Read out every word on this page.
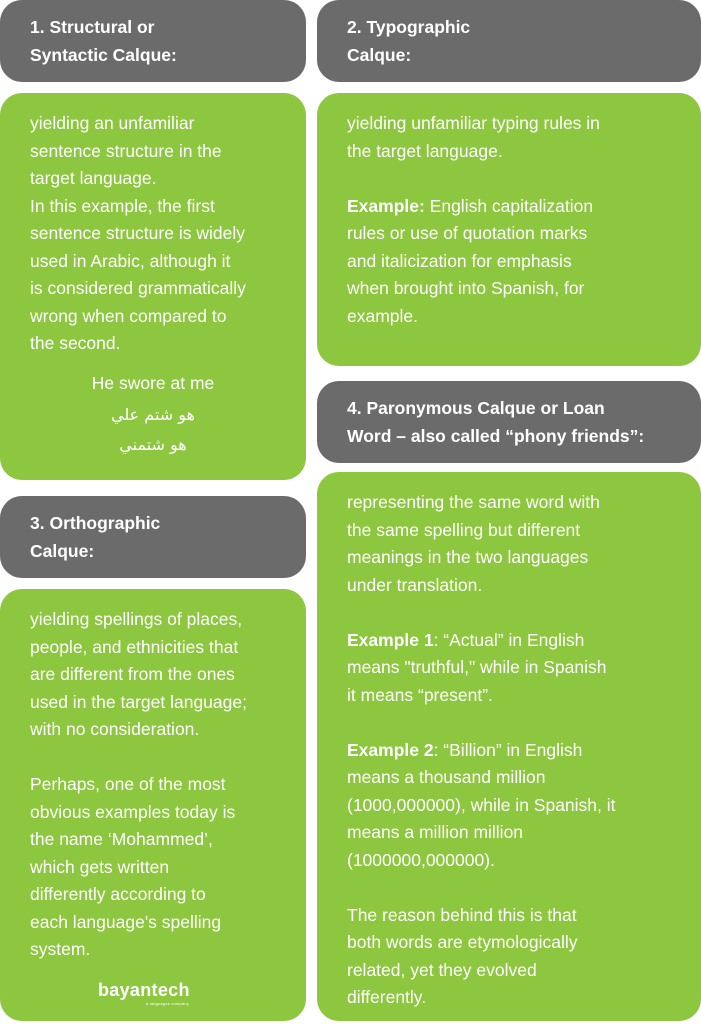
1. Structural or
Syntactic Calque:

yielding an unfamiliar

sentence structure in the

target language.

In this example, the first

sentence structure is widely

used in Arabic, although it

is considered grammatically

wrong when compared to

the second.

He swore at me

هو شتم علي

هو شتمني

3. Orthographic
Calque:

yielding spellings of places,

people, and ethnicities that

are different from the ones

used in the target language;

with no consideration.

Perhaps, one of the most

obvious examples today is

the name ‘Mohammed’,

which gets written

differently according to

each language's spelling

system.

bayantech
a languages company
2. Typographic
Calque:

yielding unfamiliar typing rules in

the target language.

Example: English capitalization

rules or use of quotation marks

and italicization for emphasis

when brought into Spanish, for

example.

4. Paronymous Calque or Loan
Word – also called “phony friends”:

representing the same word with

the same spelling but different

meanings in the two languages

under translation.

Example 1: “Actual” in English

means "truthful," while in Spanish

it means “present”.

Example 2: “Billion” in English

means a thousand million

(1000,000000), while in Spanish, it

means a million million

(1000000,000000).

The reason behind this is that

both words are etymologically

related, yet they evolved

differently.
